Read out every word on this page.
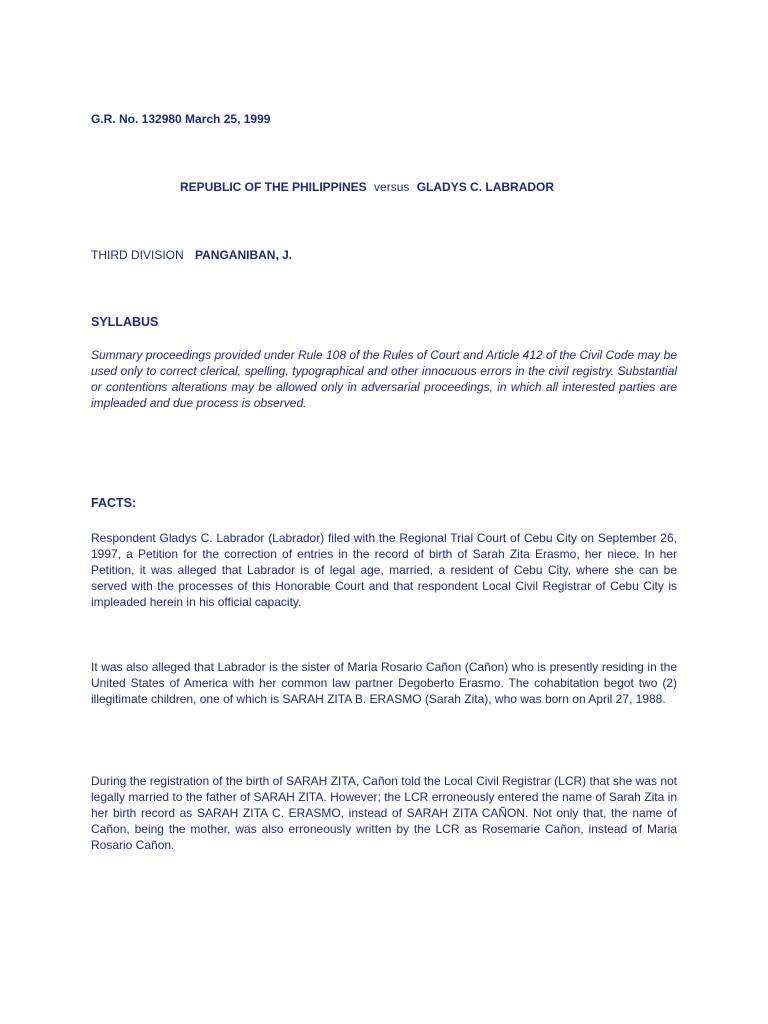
G.R. No. 132980 March 25, 1999
REPUBLIC OF THE PHILIPPINES versus GLADYS C. LABRADOR
THIRD DIVISION PANGANIBAN, J.
SYLLABUS

Summary proceedings provided under Rule 108 of the Rules of Court and Article 412 of the Civil Code may be used only to correct clerical, spelling, typographical and other innocuous errors in the civil registry. Substantial or contentions alterations may be allowed only in adversarial proceedings, in which all interested parties are impleaded and due process is observed.

FACTS:

Respondent Gladys C. Labrador (Labrador) filed with the Regional Trial Court of Cebu City on September 26, 1997, a Petition for the correction of entries in the record of birth of Sarah Zita Erasmo, her niece. In her Petition, it was alleged that Labrador is of legal age, married, a resident of Cebu City, where she can be served with the processes of this Honorable Court and that respondent Local Civil Registrar of Cebu City is impleaded herein in his official capacity.

It was also alleged that Labrador is the sister of Maria Rosario Cañon (Cañon) who is presently residing in the United States of America with her common law partner Degoberto Erasmo. The cohabitation begot two (2) illegitimate children, one of which is SARAH ZITA B. ERASMO (Sarah Zita), who was born on April 27, 1988.

During the registration of the birth of SARAH ZITA, Cañon told the Local Civil Registrar (LCR) that she was not legally married to the father of SARAH ZITA. However; the LCR erroneously entered the name of Sarah Zita in her birth record as SARAH ZITA C. ERASMO, instead of SARAH ZITA CAÑON. Not only that, the name of Cañon, being the mother, was also erroneously written by the LCR as Rosemarie Cañon, instead of Maria Rosario Cañon.
